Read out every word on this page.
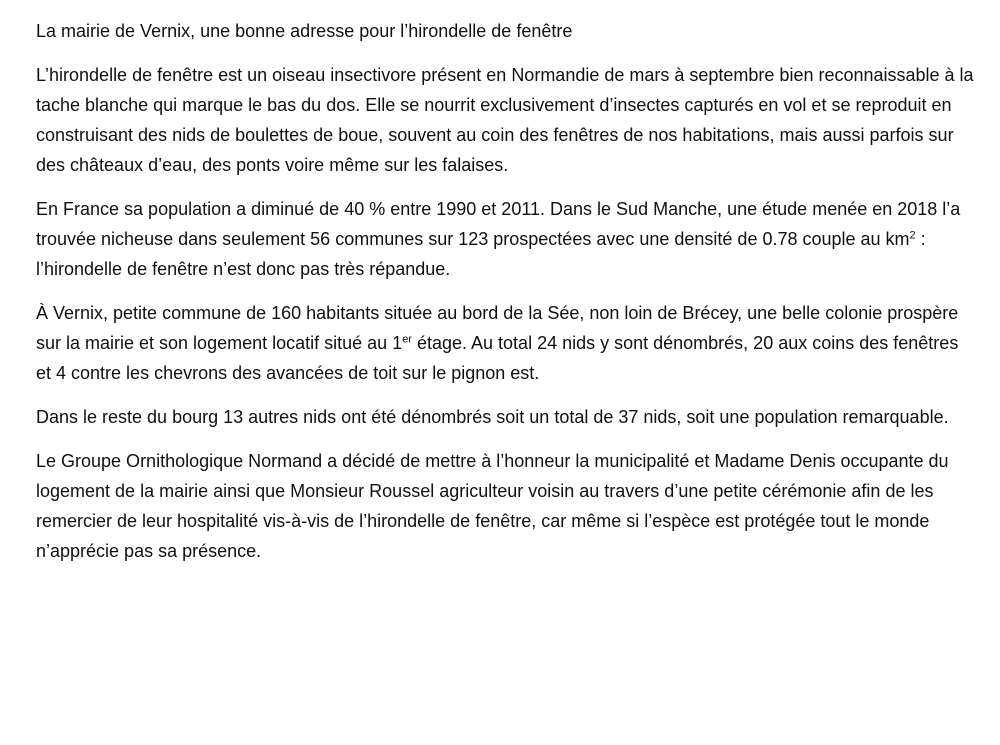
La mairie de Vernix, une bonne adresse pour l’hirondelle de fenêtre

L’hirondelle de fenêtre est un oiseau insectivore présent en Normandie de mars à septembre bien reconnaissable à la tache blanche qui marque le bas du dos. Elle se nourrit exclusivement d’insectes capturés en vol et se reproduit en construisant des nids de boulettes de boue, souvent au coin des fenêtres de nos habitations, mais aussi parfois sur des châteaux d’eau, des ponts voire même sur les falaises.

En France sa population a diminué de 40 % entre 1990 et 2011. Dans le Sud Manche, une étude menée en 2018 l’a trouvée nicheuse dans seulement 56 communes sur 123 prospectées avec une densité de 0.78 couple au $km^2$ : l’hirondelle de fenêtre n’est donc pas très répandue.

À Vernix, petite commune de 160 habitants située au bord de la Sée, non loin de Brécey, une belle colonie prospère sur la mairie et son logement locatif situé au 1er étage. Au total 24 nids y sont dénombrés, 20 aux coins des fenêtres et 4 contre les chevrons des avancées de toit sur le pignon est.

Dans le reste du bourg 13 autres nids ont été dénombrés soit un total de 37 nids, soit une population remarquable.

Le Groupe Ornithologique Normand a décidé de mettre à l’honneur la municipalité et Madame Denis occupante du logement de la mairie ainsi que Monsieur Roussel agriculteur voisin au travers d’une petite cérémonie afin de les remercier de leur hospitalité vis-à-vis de l’hirondelle de fenêtre, car même si l’espèce est protégée tout le monde n’apprécie pas sa présence.
